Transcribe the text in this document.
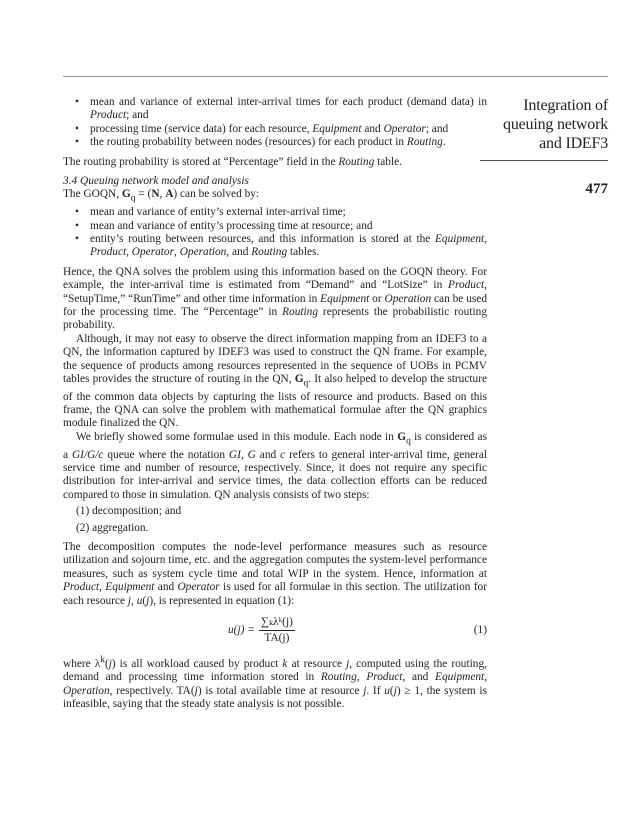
Integration of
queuing network
and IDEF3
477
• mean and variance of external inter-arrival times for each product (demand data) in Product; and
• processing time (service data) for each resource, Equipment and Operator; and
• the routing probability between nodes (resources) for each product in Routing.

The routing probability is stored at “Percentage” field in the Routing table.

3.4 Queuing network model and analysis

The GOQN, $G_q = (N$, A) can be solved by:

• mean and variance of entity’s external inter-arrival time;
• mean and variance of entity’s processing time at resource; and
• entity’s routing between resources, and this information is stored at the Equipment, Product, Operator, Operation, and Routing tables.

Hence, the QNA solves the problem using this information based on the GOQN theory. For example, the inter-arrival time is estimated from “Demand” and “LotSize” in Product, “SetupTime,” “RunTime” and other time information in Equipment or Operation can be used for the processing time. The “Percentage” in Routing represents the probabilistic routing probability.

Although, it may not easy to observe the direct information mapping from an IDEF3 to a QN, the information captured by IDEF3 was used to construct the QN frame. For example, the sequence of products among resources represented in the sequence of UOBs in PCMV tables provides the structure of routing in the QN, $G_q$. It also helped to develop the structure of the common data objects by capturing the lists of resource and products. Based on this frame, the QNA can solve the problem with mathematical formulae after the QN graphics module finalized the QN.

We briefly showed some formulae used in this module. Each node in $G_q$ is considered as a GI/G/c queue where the notation GI, G and c refers to general inter-arrival time, general service time and number of resource, respectively. Since, it does not require any specific distribution for inter-arrival and service times, the data collection efforts can be reduced compared to those in simulation. QN analysis consists of two steps:

(1) decomposition; and
(2) aggregation.

The decomposition computes the node-level performance measures such as resource utilization and sojourn time, etc. and the aggregation computes the system-level performance measures, such as system cycle time and total WIP in the system. Hence, information at Product, Equipment and Operator is used for all formulae in this section. The utilization for each resource j, u(j), is represented in equation (1):

$u(j) = \frac{\text{∑ₖλᵏ(j)}}{TA(j)}$	(1)

where $\lambda^k(j)$ is all workload caused by product k at resource j, computed using the routing, demand and processing time information stored in Routing, Product, and Equipment, Operation, respectively. TA(j) is total available time at resource j. If u(j) ≥ 1, the system is infeasible, saying that the steady state analysis is not possible.
